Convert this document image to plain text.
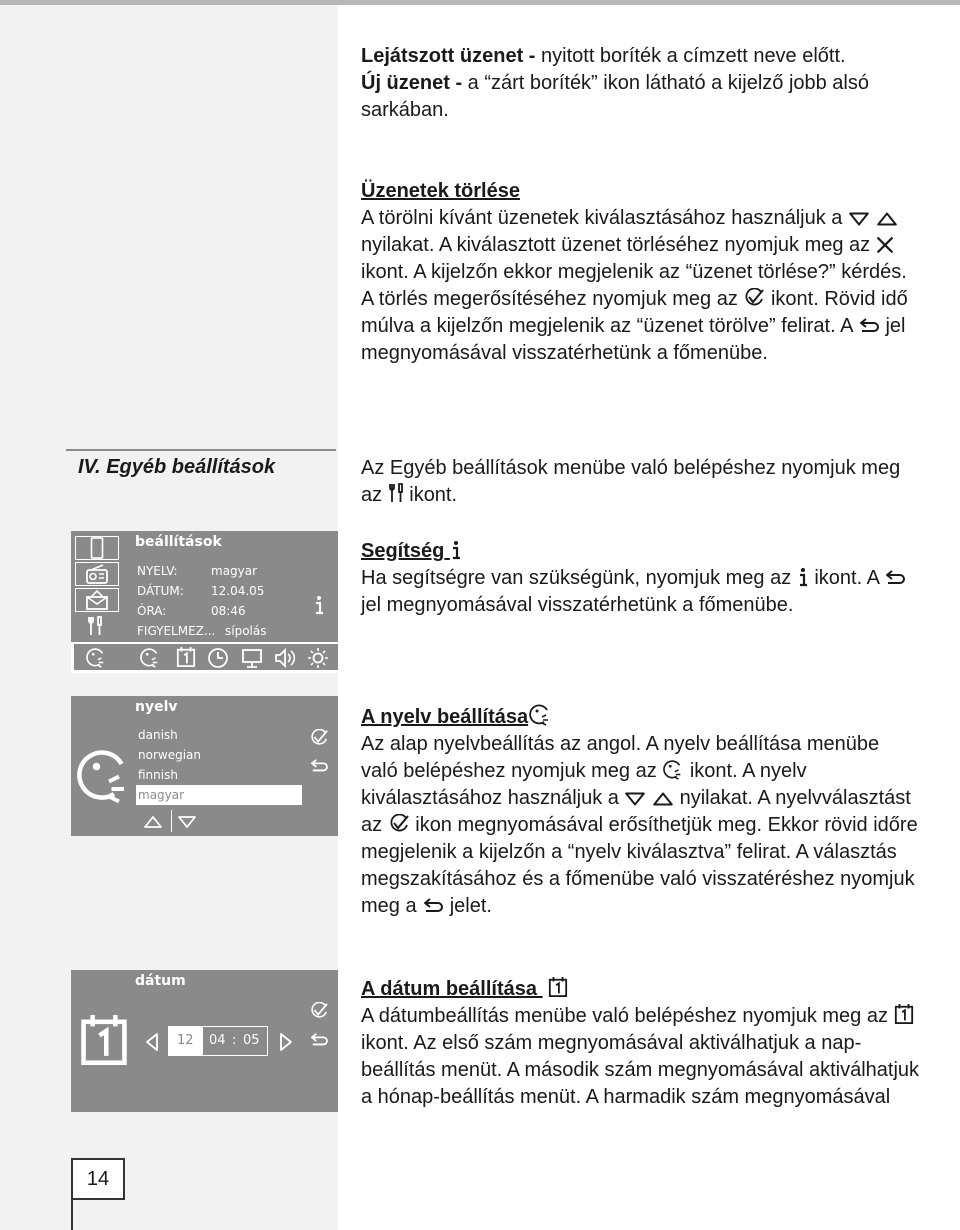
IV. Egyéb beállítások

Lejátszott üzenet - nyitott boríték a címzett neve előtt.

Új üzenet - a “zárt boríték” ikon látható a kijelző jobb alsó sarkában.

Üzenetek törlése

A törölni kívánt üzenetek kiválasztásához használjuk a

nyilakat. A kiválasztott üzenet törléséhez nyomjuk meg az
ikont. A kijelzőn ekkor megjelenik az “üzenet törlése?” kérdés. A törlés megerősítéséhez nyomjuk meg az
ikont. Rövid idő múlva a kijelzőn megjelenik az “üzenet törölve” felirat. A
jel megnyomásával visszatérhetünk a főmenübe.

Az Egyéb beállítások menübe való belépéshez nyomjuk meg az
ikont.

Segítség

Ha segítségre van szükségünk, nyomjuk meg az
ikont. A
jel megnyomásával visszatérhetünk a főmenübe.

A nyelv beállítása

Az alap nyelvbeállítás az angol. A nyelv beállítása menübe való belépéshez nyomjuk meg az
ikont. A nyelv kiválasztásához használjuk a

nyilakat. A nyelvválasztást az
ikon megnyomásával erősíthetjük meg. Ekkor rövid időre megjelenik a kijelzőn a “nyelv kiválasztva” felirat. A választás megszakításához és a főmenübe való visszatéréshez nyomjuk meg a
jelet.

A dátum beállítása

A dátumbeállítás menübe való belépéshez nyomjuk meg az
ikont. Az első szám megnyomásával aktiválhatjuk a nap-beállítás menüt. A második szám megnyomásával aktiválhatjuk a hónap-beállítás menüt. A harmadik szám megnyomásával

beállítások
NYELV:	magyar
DÁTUM: 12.04.05
ÓRA:	08:46
FIGYELMEZ... sípolás
nyelv
danish
norwegian
finnish
magyar
dátum
12 04 : 05
14
